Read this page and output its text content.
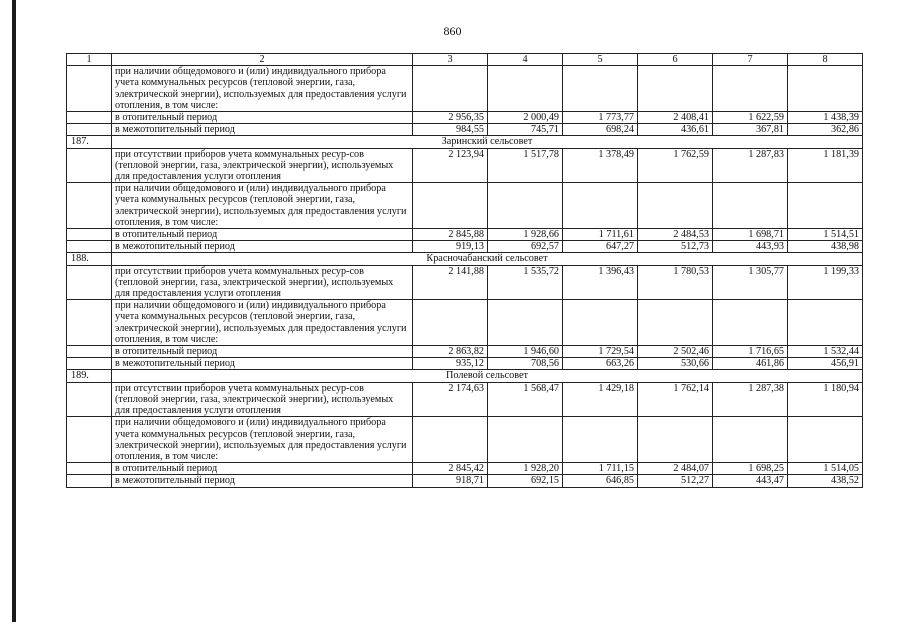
860
1	2	3	4	5	6	7	8
	при наличии общедомового и (или) индивидуального прибора учета коммунальных ресурсов (тепловой энергии, газа, электрической энергии), используемых для предоставления услуги отопления, в том числе:						
	в отопительный период	2 956,35	2 000,49	1 773,77	2 408,41	1 622,59	1 438,39
	в межотопительный период	984,55	745,71	698,24	436,61	367,81	362,86
187.	Заринский сельсовет						
	при отсутствии приборов учета коммунальных ресур-сов (тепловой энергии, газа, электрической энергии), используемых для предоставления услуги отопления	2 123,94	1 517,78	1 378,49	1 762,59	1 287,83	1 181,39
	при наличии общедомового и (или) индивидуального прибора учета коммунальных ресурсов (тепловой энергии, газа, электрической энергии), используемых для предоставления услуги отопления, в том числе:						
	в отопительный период	2 845,88	1 928,66	1 711,61	2 484,53	1 698,71	1 514,51
	в межотопительный период	919,13	692,57	647,27	512,73	443,93	438,98
188.	Красночабанский сельсовет						
	при отсутствии приборов учета коммунальных ресур-сов (тепловой энергии, газа, электрической энергии), используемых для предоставления услуги отопления	2 141,88	1 535,72	1 396,43	1 780,53	1 305,77	1 199,33
	при наличии общедомового и (или) индивидуального прибора учета коммунальных ресурсов (тепловой энергии, газа, электрической энергии), используемых для предоставления услуги отопления, в том числе:						
	в отопительный период	2 863,82	1 946,60	1 729,54	2 502,46	1 716,65	1 532,44
	в межотопительный период	935,12	708,56	663,26	530,66	461,86	456,91
189.	Полевой сельсовет						
	при отсутствии приборов учета коммунальных ресур-сов (тепловой энергии, газа, электрической энергии), используемых для предоставления услуги отопления	2 174,63	1 568,47	1 429,18	1 762,14	1 287,38	1 180,94
	при наличии общедомового и (или) индивидуального прибора учета коммунальных ресурсов (тепловой энергии, газа, электрической энергии), используемых для предоставления услуги отопления, в том числе:						
	в отопительный период	2 845,42	1 928,20	1 711,15	2 484,07	1 698,25	1 514,05
	в межотопительный период	918,71	692,15	646,85	512,27	443,47	438,52
